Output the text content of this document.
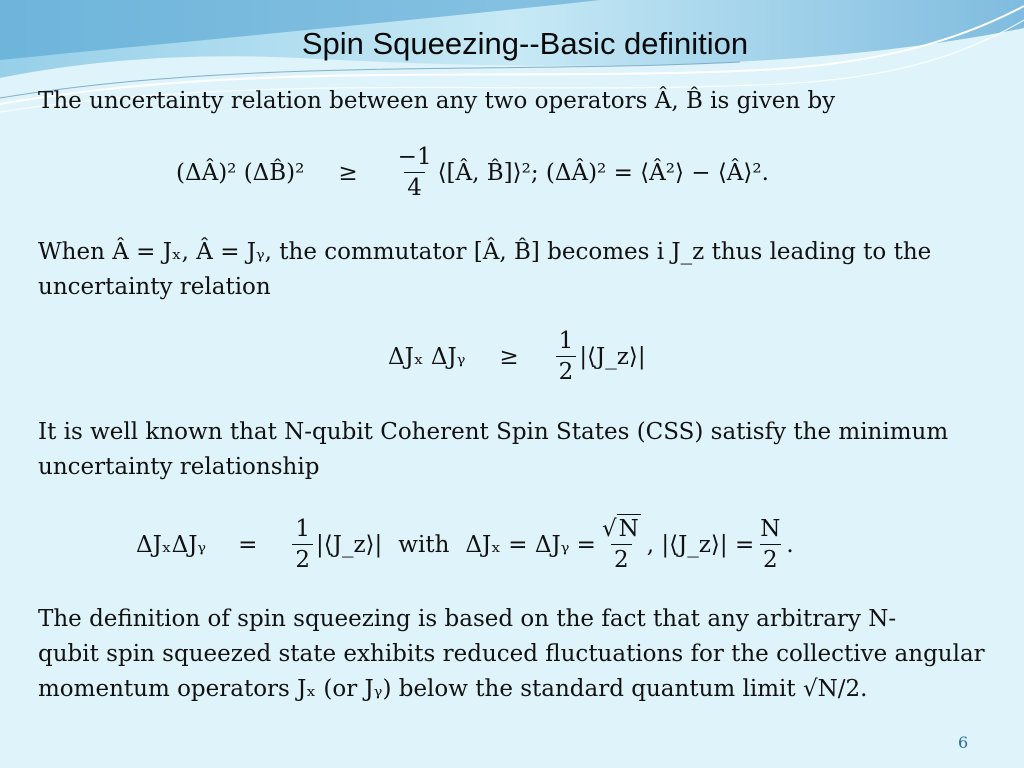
Spin Squeezing--Basic definition
The uncertainty relation between any two operators Â, B̂ is given by
(ΔÂ)² (ΔB̂)² ≥ $\frac{-1}{4}$ ⟨[Â, B̂]⟩²; (ΔÂ)² = ⟨Â²⟩ − ⟨Â⟩².
When Â = Jₓ, Â = Jᵧ, the commutator [Â, B̂] becomes i J_z thus leading to the
uncertainty relation
ΔJₓ ΔJᵧ ≥ $\frac{1}{2}$ |⟨J_z⟩|
It is well known that N-qubit Coherent Spin States (CSS) satisfy the minimum
uncertainty relationship
ΔJₓΔJᵧ = $\frac{1}{2}$ |⟨J_z⟩| with ΔJₓ = ΔJᵧ = $\frac{√N}{2}$ , |⟨J_z⟩| = $\frac{N}{2}$ .
The definition of spin squeezing is based on the fact that any arbitrary N-
qubit spin squeezed state exhibits reduced fluctuations for the collective angular
momentum operators Jₓ (or Jᵧ) below the standard quantum limit √N/2.
6
